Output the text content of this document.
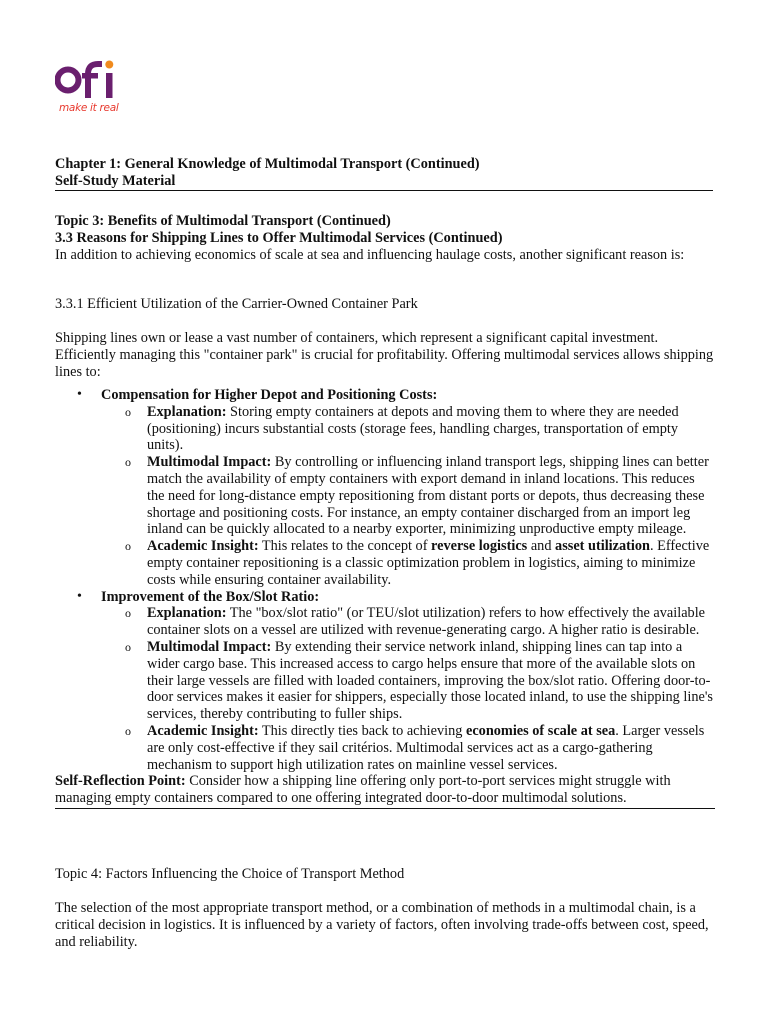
make it real

Chapter 1: General Knowledge of Multimodal Transport (Continued)

Self-Study Material

Topic 3: Benefits of Multimodal Transport (Continued)

3.3 Reasons for Shipping Lines to Offer Multimodal Services (Continued)

In addition to achieving economics of scale at sea and influencing haulage costs, another significant reason is:

3.3.1 Efficient Utilization of the Carrier-Owned Container Park

Shipping lines own or lease a vast number of containers, which represent a significant capital investment. Efficiently managing this "container park" is crucial for profitability. Offering multimodal services allows shipping lines to:

• Compensation for Higher Depot and Positioning Costs:
o Explanation: Storing empty containers at depots and moving them to where they are needed (positioning) incurs substantial costs (storage fees, handling charges, transportation of empty units).
o Multimodal Impact: By controlling or influencing inland transport legs, shipping lines can better match the availability of empty containers with export demand in inland locations. This reduces the need for long-distance empty repositioning from distant ports or depots, thus decreasing these shortage and positioning costs. For instance, an empty container discharged from an import leg inland can be quickly allocated to a nearby exporter, minimizing unproductive empty mileage.
o Academic Insight: This relates to the concept of reverse logistics and asset utilization. Effective empty container repositioning is a classic optimization problem in logistics, aiming to minimize costs while ensuring container availability.
• Improvement of the Box/Slot Ratio:
o Explanation: The "box/slot ratio" (or TEU/slot utilization) refers to how effectively the available container slots on a vessel are utilized with revenue-generating cargo. A higher ratio is desirable.
o Multimodal Impact: By extending their service network inland, shipping lines can tap into a wider cargo base. This increased access to cargo helps ensure that more of the available slots on their large vessels are filled with loaded containers, improving the box/slot ratio. Offering door-to-door services makes it easier for shippers, especially those located inland, to use the shipping line's services, thereby contributing to fuller ships.
o Academic Insight: This directly ties back to achieving economies of scale at sea. Larger vessels are only cost-effective if they sail critérios. Multimodal services act as a cargo-gathering mechanism to support high utilization rates on mainline vessel services.

Self-Reflection Point: Consider how a shipping line offering only port-to-port services might struggle with managing empty containers compared to one offering integrated door-to-door multimodal solutions.

Topic 4: Factors Influencing the Choice of Transport Method

The selection of the most appropriate transport method, or a combination of methods in a multimodal chain, is a critical decision in logistics. It is influenced by a variety of factors, often involving trade-offs between cost, speed, and reliability.
